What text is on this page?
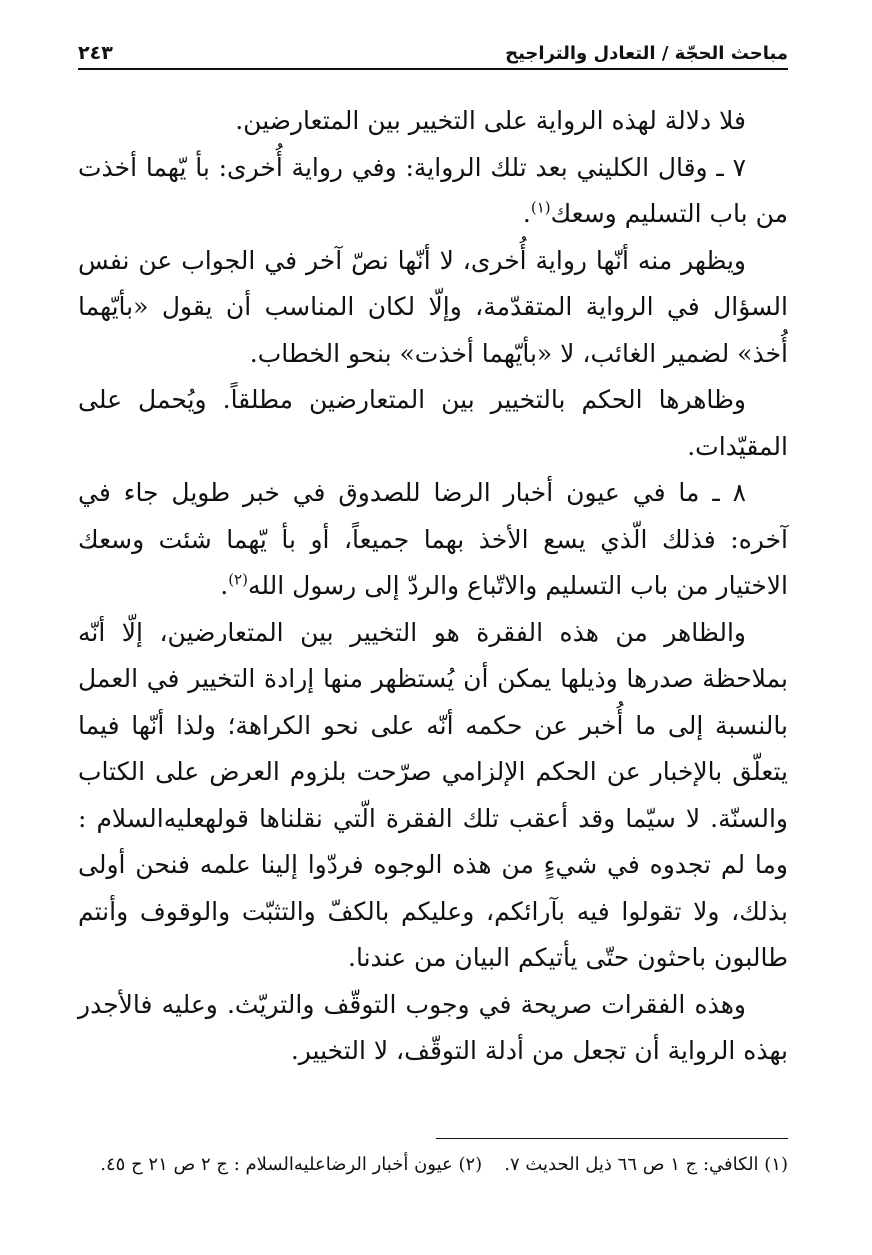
مباحث الحجّة / التعادل والتراجيح
٢٤٣

فلا دلالة لهذه الرواية على التخيير بين المتعارضين.

٧ ـ وقال الكليني بعد تلك الرواية: وفي رواية أُخرى: بأ يّهما أخذت من باب التسليم وسعك$^{(١)}$.

ويظهر منه أنّها رواية أُخرى، لا أنّها نصّ آخر في الجواب عن نفس السؤال في الرواية المتقدّمة، وإلّا لكان المناسب أن يقول «بأيّهما أُخذ» لضمير الغائب، لا «بأيّهما أخذت» بنحو الخطاب.

وظاهرها الحكم بالتخيير بين المتعارضين مطلقاً. ويُحمل على المقيّدات.

٨ ـ ما في عيون أخبار الرضا للصدوق في خبر طويل جاء في آخره: فذلك الّذي يسع الأخذ بهما جميعاً، أو بأ يّهما شئت وسعك الاختيار من باب التسليم والاتّباع والردّ إلى رسول الله$^{(٢)}$.

والظاهر من هذه الفقرة هو التخيير بين المتعارضين، إلّا أنّه بملاحظة صدرها وذيلها يمكن أن يُستظهر منها إرادة التخيير في العمل بالنسبة إلى ما أُخبر عن حكمه أنّه على نحو الكراهة؛ ولذا أنّها فيما يتعلّق بالإخبار عن الحكم الإلزامي صرّحت بلزوم العرض على الكتاب والسنّة. لا سيّما وقد أعقب تلك الفقرة الّتي نقلناها قولهعليه‌السلام : وما لم تجدوه في شيءٍ من هذه الوجوه فردّوا إلينا علمه فنحن أولى بذلك، ولا تقولوا فيه بآرائكم، وعليكم بالكفّ والتثبّت والوقوف وأنتم طالبون باحثون حتّى يأتيكم البيان من عندنا.

وهذه الفقرات صريحة في وجوب التوقّف والتريّث. وعليه فالأجدر بهذه الرواية أن تجعل من أدلة التوقّف، لا التخيير.

(١) الكافي: ج ١ ص ٦٦ ذيل الحديث ٧.
(٢) عيون أخبار الرضاعليه‌السلام : ج ٢ ص ٢١ ح ٤٥.
